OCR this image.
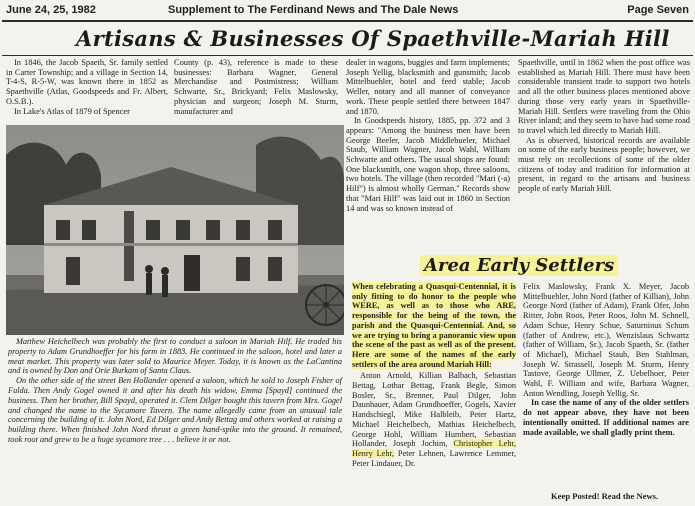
June 24, 25, 1982	Supplement to The Ferdinand News and The Dale News	Page Seven
Artisans & Businesses Of Spaethville-Mariah Hill

In 1846, the Jacob Spaeth, Sr. family settled in Carter Township; and a village in Section 14, T-4-S, R-5-W, was known there in 1852 as Spaethville (Atlas, Goodspeeds and Fr. Albert, O.S.B.).

In Lake's Atlas of 1879 of Spencer

County (p. 43), reference is made to these businesses: Barbara Wagner, General Merchandise and Postmistress; William Schwarte, Sr., Brickyard; Felix Maslowsky, physician and surgeon; Joseph M. Sturm, manufacturer and

dealer in wagons, buggies and farm implements; Joseph Yellig, blacksmith and gunsmith; Jacob Mittelbuehler, hotel and feed stable; Jacob Weller, notary and all manner of conveyance work. These people settled there between 1847 and 1870.

In Goodspeeds history, 1885, pp. 372 and 3 appears: "Among the business men have been George Beeler, Jacob Middlebueler, Michael Staub, William Wagner, Jacob Wahl, William Schwarte and others. The usual shops are found: One blacksmith, one wagon shop, three saloons, two hotels. The village (then recorded "Mari (-a) Hilf") is almost wholly German." Records show that "Mari Hilf" was laid out in 1860 in Section 14 and was so known instead of

Spaethville, until in 1862 when the post office was established as Mariah Hill. There must have been considerable transient trade to support two hotels and all the other business places mentioned above during those very early years in Spaethville-Mariah Hill. Settlers were traveling from the Ohio River inland; and they seem to have had some road to travel which led directly to Mariah Hill.

As is observed, historical records are available on some of the early business people; however, we must rely on recollections of some of the older citizens of today and tradition for information at present, in regard to the artisans and business people of early Mariah Hill.

Matthew Heichelbech was probably the first to conduct a saloon in Mariah Hilf. He traded his property to Adam Grundhoeffer for his farm in 1883. He continued in the saloon, hotel and later a meat market. This property was later sold to Maurice Meyer. Today, it is known as the LaCantina and is owned by Don and Orie Burkam of Santa Claus.

On the other side of the street Ben Hollander opened a saloon, which he sold to Joseph Fisher of Fulda. Then Andy Gogel owned it and after his death his widow, Emma [Spayd] continued the business. Then her brother, Bill Spayd, operated it. Clem Dilger bought this tavern from Mrs. Gogel and changed the name to the Sycamore Tavern. The name allegedly came from an unusual tale concerning the building of it. John Nord, Ed Dilger and Andy Bettag and others worked at raising a building there. When finished John Nord thrust a green hand-spike into the ground. It remained, took root and grew to be a huge sycamore tree . . . believe it or not.

Area Early Settlers
When celebrating a Quasqui-Centennial, it is only fitting to do honor to the people who WERE, as well as to those who ARE, responsible for the being of the town, the parish and the Quasqui-Centennial. And, so we are trying to bring a panoramic view upon the scene of the past as well as of the present. Here are some of the names of the early settlers of the area around Mariah Hill:
Anton Arnold, Killian Balbach, Sebastian Bettag, Lothar Bettag, Frank Begle, Simon Bosler, Sr., Brenner, Paul Dilger, John Daunhauer, Adam Grundhoeffer, Gogels, Xavier Handschiegl, Mike Halbleib, Peter Hartz, Michael Heichelbech, Mathias Heichelbech, George Hohl, William Humbert, Sebastian Hollander, Joseph Jochim, Christopher Lehr, Henry Lehr, Peter Lehnen, Lawrence Lemmer, Peter Lindauer, Dr.

Felix Maslowsky, Frank X. Meyer, Jacob Mittelbuehler, John Nord (father of Killian), John George Nord (father of Adam), Frank Ofer, John Ritter, John Roos, Peter Roos, John M. Schnell, Adam Schue, Henry Schue, Saturninus Schum (father of Andrew, etc.), Wenzislaus Schwartz (father of William, Sr.), Jacob Spaeth, Sr. (father of Michael), Michael Staub, Ben Stahlman, Joseph W. Strassell, Joseph M. Sturm, Henry Tastove, George Ullmer, Z. Uebelhoer, Peter Wahl, F. William and wife, Barbara Wagner, Anton Wendling, Joseph Yellig, Sr.

In case the name of any of the older settlers do not appear above, they have not been intentionally omitted. If additional names are made available, we shall gladly print them.

Keep Posted! Read the News.
